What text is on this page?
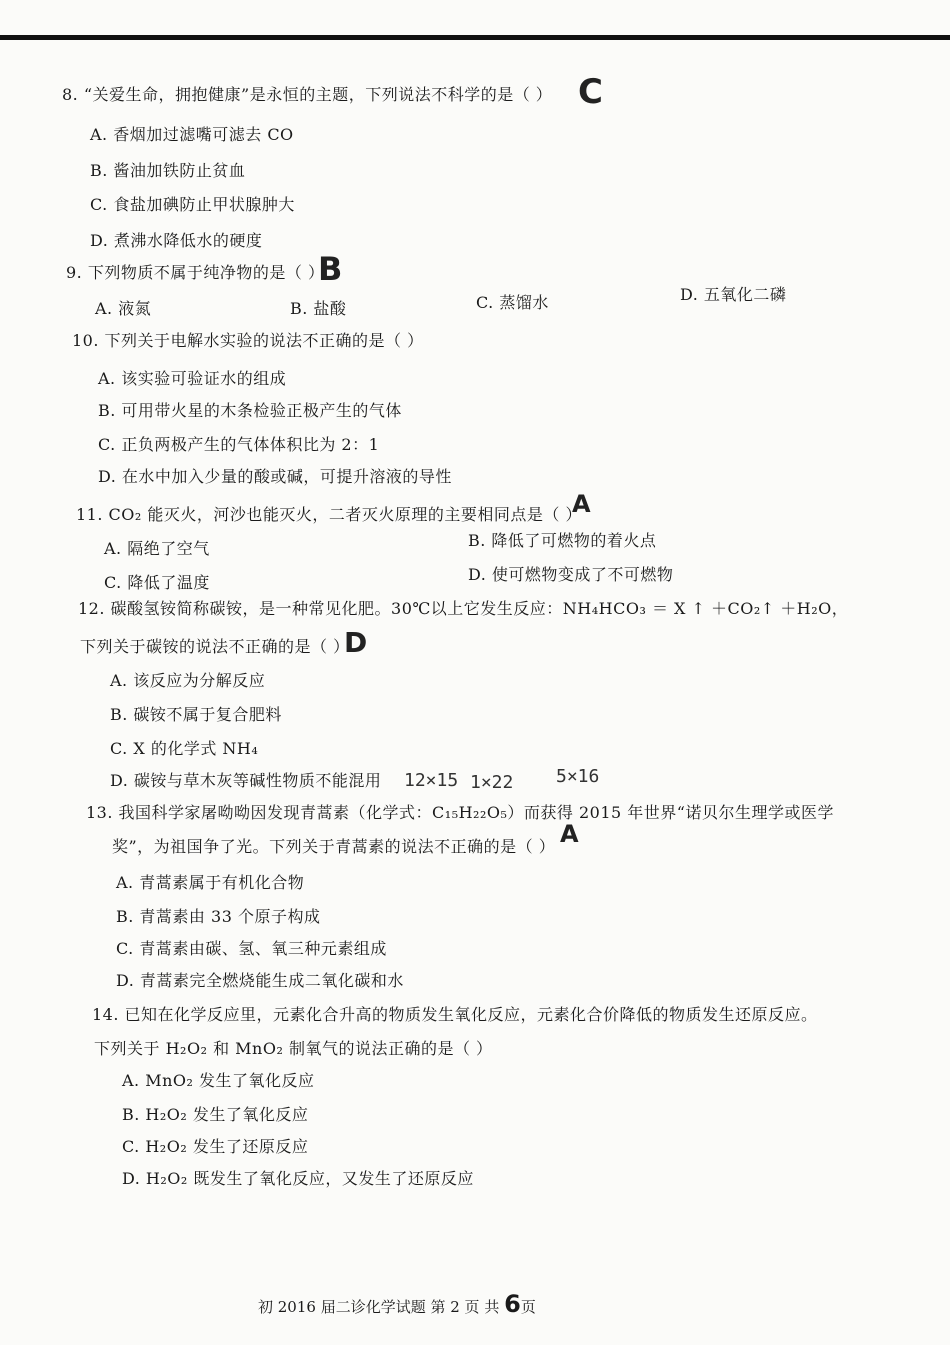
8. “关爱生命，拥抱健康”是永恒的主题，下列说法不科学的是（ ） C
A. 香烟加过滤嘴可滤去 CO
B. 酱油加铁防止贫血
C. 食盐加碘防止甲状腺肿大
D. 煮沸水降低水的硬度
9. 下列物质不属于纯净物的是（ ）
B
A. 液氮	B. 盐酸	C. 蒸馏水	D. 五氧化二磷
10. 下列关于电解水实验的说法不正确的是（ ）
A. 该实验可验证水的组成
B. 可用带火星的木条检验正极产生的气体
C. 正负两极产生的气体体积比为 2：1
D. 在水中加入少量的酸或碱，可提升溶液的导性
11. CO₂ 能灭火，河沙也能灭火，二者灭火原理的主要相同点是（ ）
A
A. 隔绝了空气	B. 降低了可燃物的着火点
C. 降低了温度	D. 使可燃物变成了不可燃物
12. 碳酸氢铵简称碳铵，是一种常见化肥。30℃以上它发生反应：NH₄HCO₃ ＝ X ↑ ＋CO₂↑ ＋H₂O，
下列关于碳铵的说法不正确的是（ ）
D
A. 该反应为分解反应
B. 碳铵不属于复合肥料
C. X 的化学式 NH₄
D. 碳铵与草木灰等碱性物质不能混用 12×15 1×22 5×16
13. 我国科学家屠呦呦因发现青蒿素（化学式：C₁₅H₂₂O₅）而获得 2015 年世界“诺贝尔生理学或医学
奖”，为祖国争了光。下列关于青蒿素的说法不正确的是（ ） A
A. 青蒿素属于有机化合物
B. 青蒿素由 33 个原子构成
C. 青蒿素由碳、氢、氧三种元素组成
D. 青蒿素完全燃烧能生成二氧化碳和水
14. 已知在化学反应里，元素化合升高的物质发生氧化反应，元素化合价降低的物质发生还原反应。
下列关于 H₂O₂ 和 MnO₂ 制氧气的说法正确的是（ ）
A. MnO₂ 发生了氧化反应
B. H₂O₂ 发生了氧化反应
C. H₂O₂ 发生了还原反应
D. H₂O₂ 既发生了氧化反应，又发生了还原反应
初 2016 届二诊化学试题 第 2 页 共 6页
